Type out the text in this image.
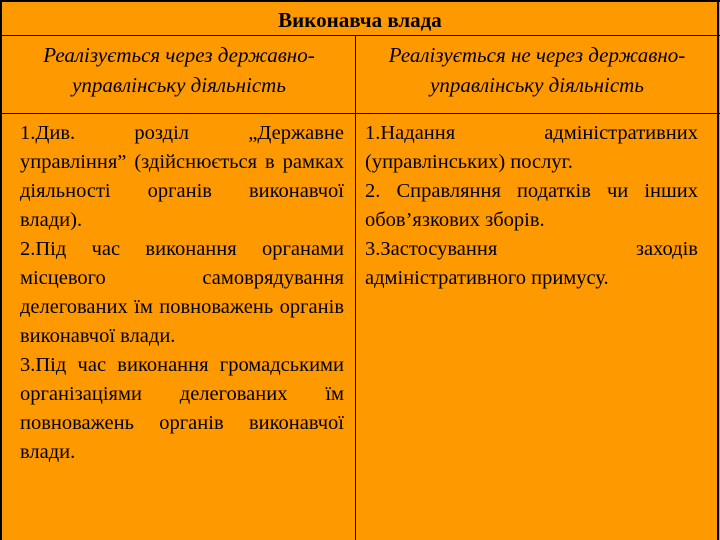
Виконавча влада
Реалізується через державно-управлінську діяльність
Реалізується не через державно-управлінську діяльність

1.Див. розділ „Державне управління” (здійснюється в рамках діяльності органів виконавчої влади).

2.Під час виконання органами місцевого самоврядування делегованих їм повноважень органів виконавчої влади.

3.Під час виконання громадськими організаціями делегованих їм повноважень органів виконавчої влади.

1.Надання адміністративних (управлінських) послуг.

2. Справляння податків чи інших обов’язкових зборів.

3.Застосування заходів адміністративного примусу.
